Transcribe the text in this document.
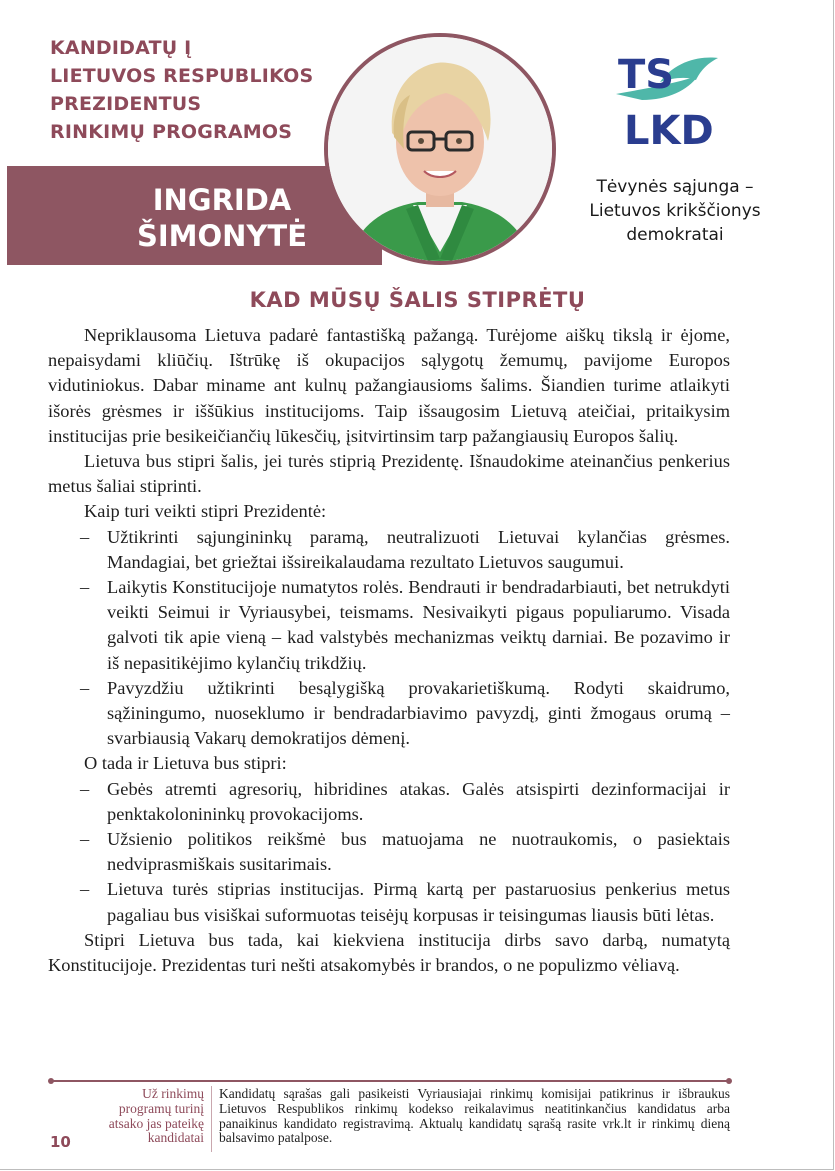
KANDIDATŲ Į
LIETUVOS RESPUBLIKOS
PREZIDENTUS
RINKIMŲ PROGRAMOS
INGRIDA
ŠIMONYTĖ
TS
LKD
Tėvynės sąjunga –
Lietuvos krikščionys
demokratai
KAD MŪSŲ ŠALIS STIPRĖTŲ

Nepriklausoma Lietuva padarė fantastišką pažangą. Turėjome aiškų tikslą ir ėjome, nepaisydami kliūčių. Ištrūkę iš okupacijos sąlygotų žemumų, pavijome Europos vidutiniokus. Dabar miname ant kulnų pažangiausioms šalims. Šiandien turime atlaikyti išorės grėsmes ir iššūkius institucijoms. Taip išsaugosim Lietuvą ateičiai, pritaikysim institucijas prie besikeičiančių lūkesčių, įsitvirtinsim tarp pažangiausių Europos šalių.

Lietuva bus stipri šalis, jei turės stiprią Prezidentę. Išnaudokime ateinančius penkerius metus šaliai stiprinti.

Kaip turi veikti stipri Prezidentė:

– Užtikrinti sąjungininkų paramą, neutralizuoti Lietuvai kylančias grėsmes. Mandagiai, bet griežtai išsireikalaudama rezultato Lietuvos saugumui.
– Laikytis Konstitucijoje numatytos rolės. Bendrauti ir bendradarbiauti, bet netrukdyti veikti Seimui ir Vyriausybei, teismams. Nesivaikyti pigaus populiarumo. Visada galvoti tik apie vieną – kad valstybės mechanizmas veiktų darniai. Be pozavimo ir iš nepasitikėjimo kylančių trikdžių.
– Pavyzdžiu užtikrinti besąlygišką provakarietiškumą. Rodyti skaidrumo, sąžiningumo, nuoseklumo ir bendradarbiavimo pavyzdį, ginti žmogaus orumą – svarbiausią Vakarų demokratijos dėmenį.

O tada ir Lietuva bus stipri:

– Gebės atremti agresorių, hibridines atakas. Galės atsispirti dezinformacijai ir penktakolonininkų provokacijoms.
– Užsienio politikos reikšmė bus matuojama ne nuotraukomis, o pasiektais nedviprasmiškais susitarimais.
– Lietuva turės stiprias institucijas. Pirmą kartą per pastaruosius penkerius metus pagaliau bus visiškai suformuotas teisėjų korpusas ir teisingumas liausis būti lėtas.

Stipri Lietuva bus tada, kai kiekviena institucija dirbs savo darbą, numatytą Konstitucijoje. Prezidentas turi nešti atsakomybės ir brandos, o ne populizmo vėliavą.

Už rinkimų
programų turinį
atsako jas pateikę
kandidatai
10
Kandidatų sąrašas gali pasikeisti Vyriausiajai rinkimų komisijai patikrinus ir išbraukus Lietuvos Respublikos rinkimų kodekso reikalavimus neatitinkančius kandidatus arba panaikinus kandidato registravimą. Aktualų kandidatų sąrašą rasite vrk.lt ir rinkimų dieną balsavimo patalpose.
